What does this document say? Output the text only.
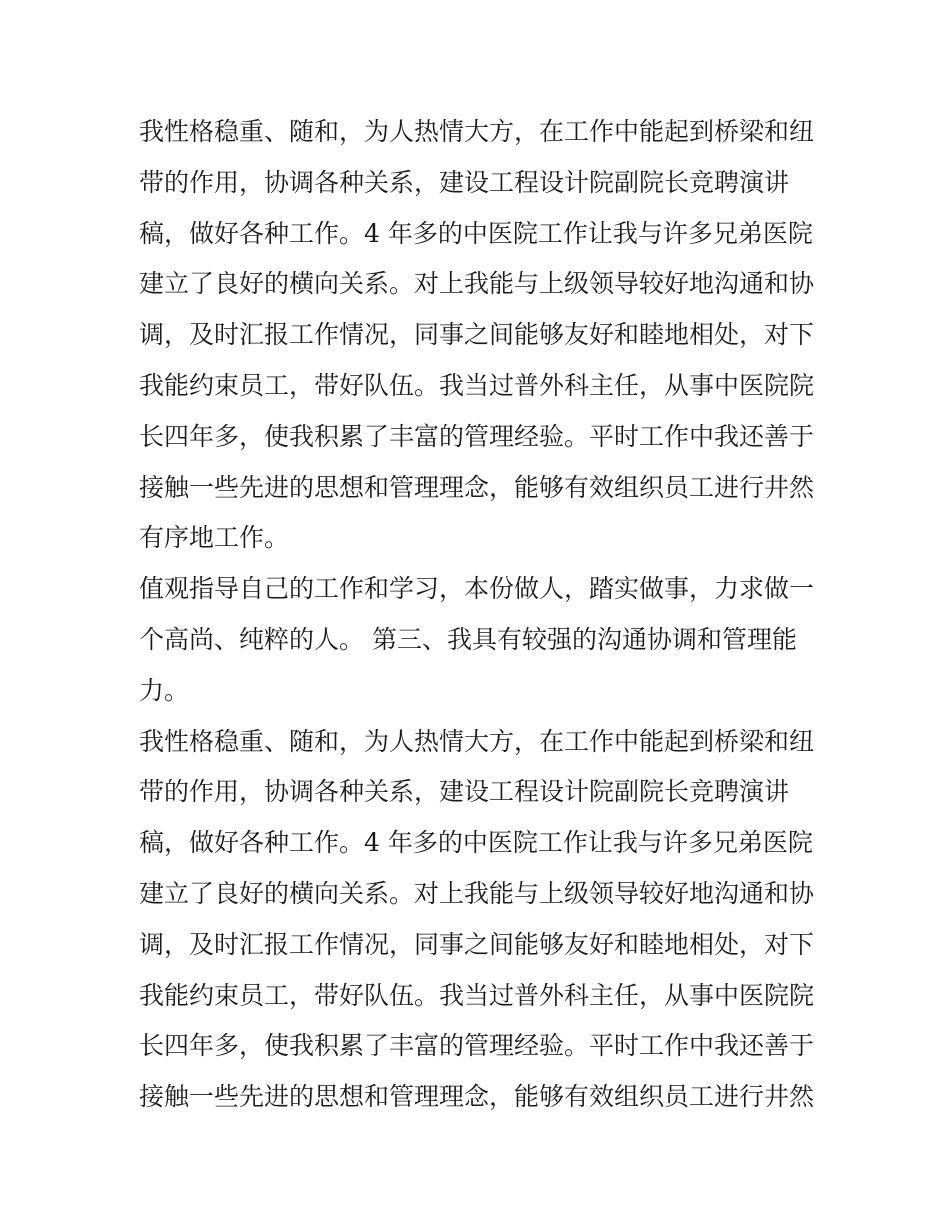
我性格稳重、随和，为人热情大方，在工作中能起到桥梁和纽
带的作用，协调各种关系，建设工程设计院副院长竞聘演讲
稿，做好各种工作。4 年多的中医院工作让我与许多兄弟医院
建立了良好的横向关系。对上我能与上级领导较好地沟通和协
调，及时汇报工作情况，同事之间能够友好和睦地相处，对下
我能约束员工，带好队伍。我当过普外科主任，从事中医院院
长四年多，使我积累了丰富的管理经验。平时工作中我还善于
接触一些先进的思想和管理理念，能够有效组织员工进行井然
有序地工作。
值观指导自己的工作和学习，本份做人，踏实做事，力求做一
个高尚、纯粹的人。 第三、我具有较强的沟通协调和管理能
力。
我性格稳重、随和，为人热情大方，在工作中能起到桥梁和纽
带的作用，协调各种关系，建设工程设计院副院长竞聘演讲
稿，做好各种工作。4 年多的中医院工作让我与许多兄弟医院
建立了良好的横向关系。对上我能与上级领导较好地沟通和协
调，及时汇报工作情况，同事之间能够友好和睦地相处，对下
我能约束员工，带好队伍。我当过普外科主任，从事中医院院
长四年多，使我积累了丰富的管理经验。平时工作中我还善于
接触一些先进的思想和管理理念，能够有效组织员工进行井然
